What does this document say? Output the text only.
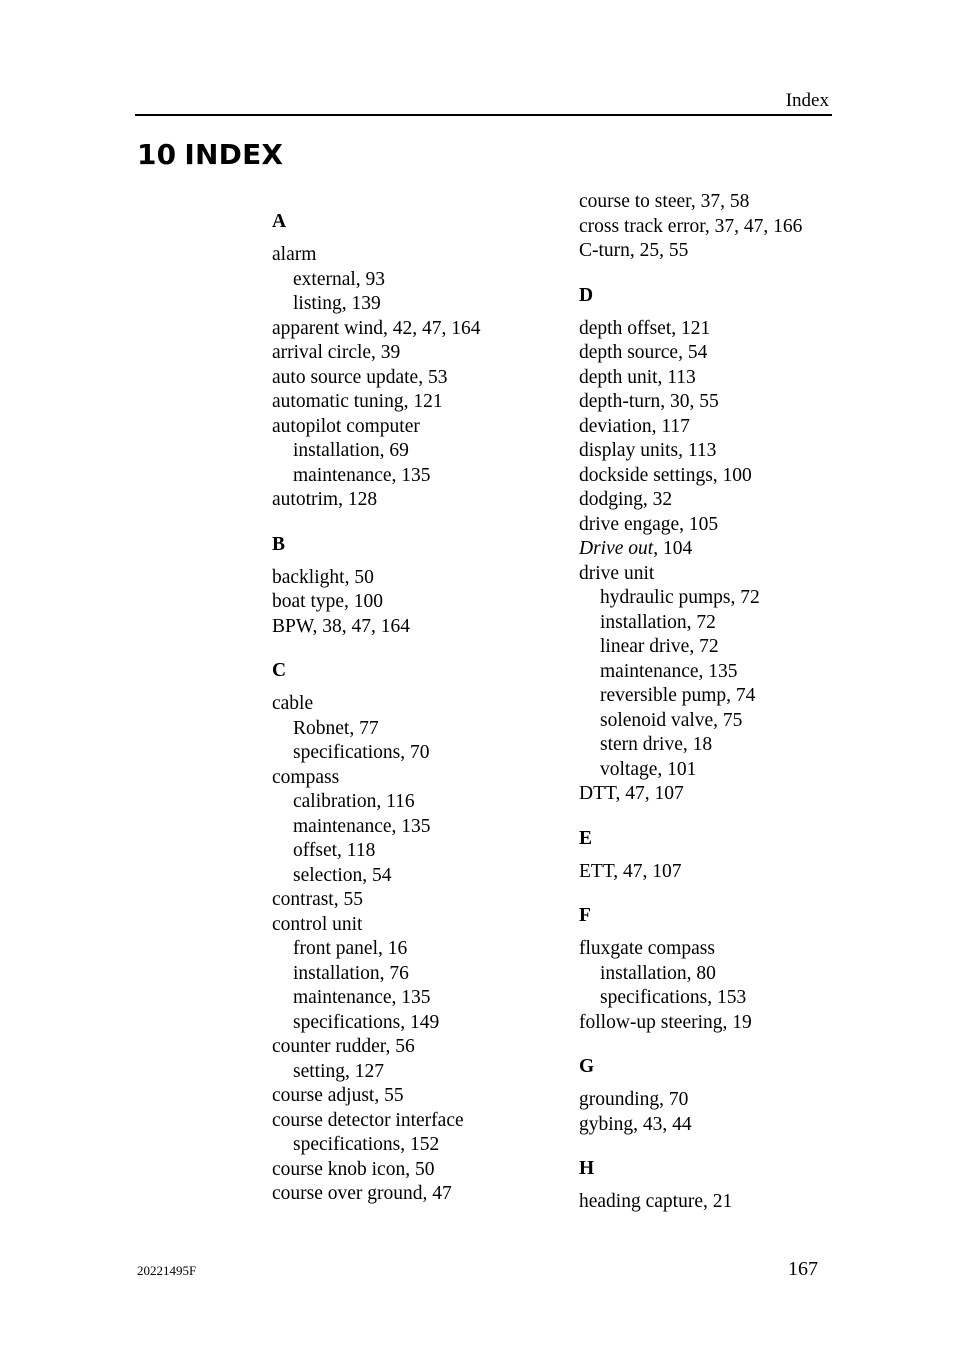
Index
10 INDEX
A
alarm
external, 93
listing, 139
apparent wind, 42, 47, 164
arrival circle, 39
auto source update, 53
automatic tuning, 121
autopilot computer
installation, 69
maintenance, 135
autotrim, 128
B
backlight, 50
boat type, 100
BPW, 38, 47, 164
C
cable
Robnet, 77
specifications, 70
compass
calibration, 116
maintenance, 135
offset, 118
selection, 54
contrast, 55
control unit
front panel, 16
installation, 76
maintenance, 135
specifications, 149
counter rudder, 56
setting, 127
course adjust, 55
course detector interface
specifications, 152
course knob icon, 50
course over ground, 47
course to steer, 37, 58
cross track error, 37, 47, 166
C-turn, 25, 55
D
depth offset, 121
depth source, 54
depth unit, 113
depth-turn, 30, 55
deviation, 117
display units, 113
dockside settings, 100
dodging, 32
drive engage, 105
Drive out, 104
drive unit
hydraulic pumps, 72
installation, 72
linear drive, 72
maintenance, 135
reversible pump, 74
solenoid valve, 75
stern drive, 18
voltage, 101
DTT, 47, 107
E
ETT, 47, 107
F
fluxgate compass
installation, 80
specifications, 153
follow-up steering, 19
G
grounding, 70
gybing, 43, 44
H
heading capture, 21
20221495F	167
